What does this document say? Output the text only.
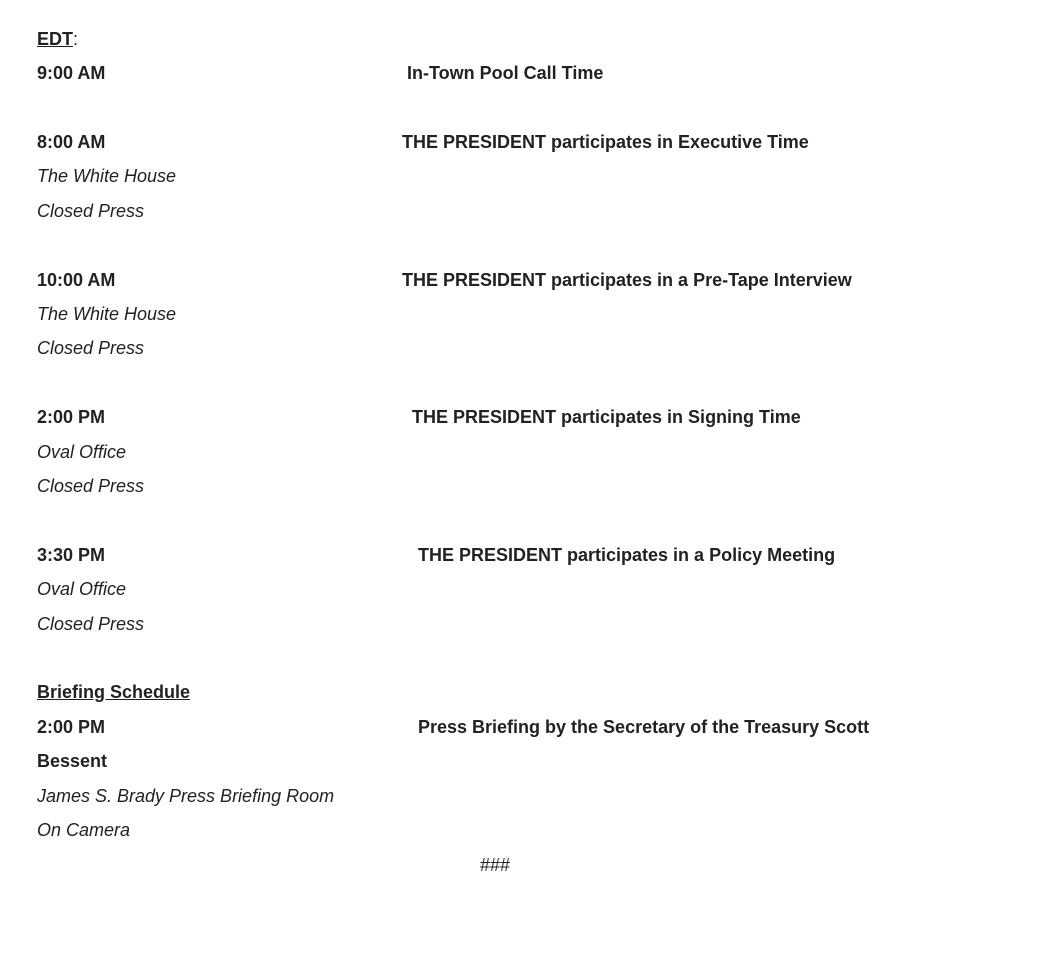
EDT:
9:00 AM	In-Town Pool Call Time
8:00 AM	THE PRESIDENT participates in Executive Time
The White House
Closed Press
10:00 AM	THE PRESIDENT participates in a Pre-Tape Interview
The White House
Closed Press
2:00 PM	THE PRESIDENT participates in Signing Time
Oval Office
Closed Press
3:30 PM	THE PRESIDENT participates in a Policy Meeting
Oval Office
Closed Press
Briefing Schedule
2:00 PM	Press Briefing by the Secretary of the Treasury Scott
Bessent
James S. Brady Press Briefing Room
On Camera
###
